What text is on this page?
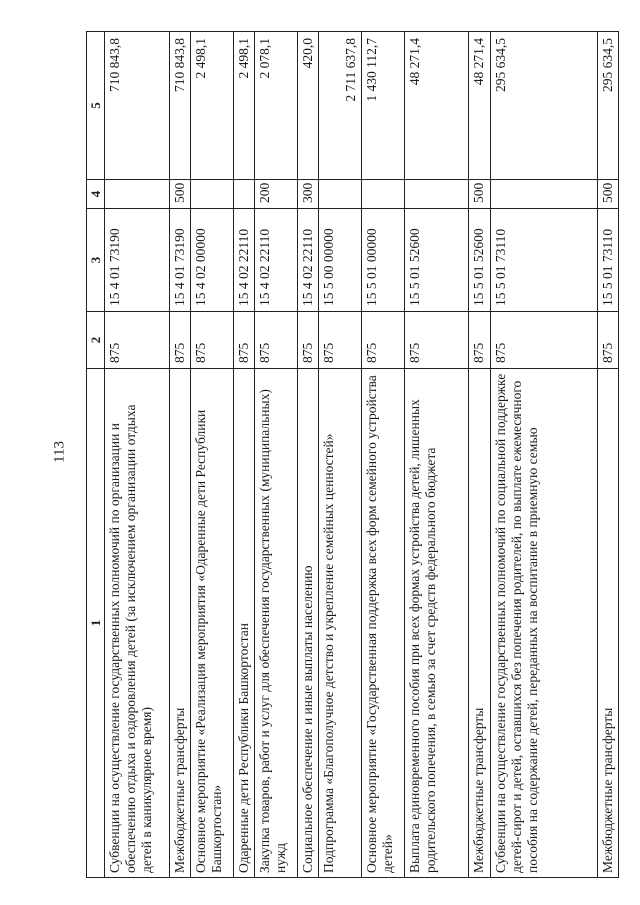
113
1	2	3	4	5
Субвенции на осуществление государственных полномочий по организации и обеспечению отдыха и оздоровления детей (за исключением организации отдыха детей в каникулярное время)	875	15 4 01 73190		710 843,8
Межбюджетные трансферты	875	15 4 01 73190	500	710 843,8
Основное мероприятие «Реализация мероприятия «Одаренные дети Республики Башкортостан»	875	15 4 02 00000		2 498,1
Одаренные дети Республики Башкортостан	875	15 4 02 22110		2 498,1
Закупка товаров, работ и услуг для обеспечения государственных (муниципальных) нужд	875	15 4 02 22110	200	2 078,1
Социальное обеспечение и иные выплаты населению	875	15 4 02 22110	300	420,0
Подпрограмма «Благополучное детство и укрепление семейных ценностей»	875	15 5 00 00000		2 711 637,8
Основное мероприятие «Государственная поддержка всех форм семейного устройства детей»	875	15 5 01 00000		1 430 112,7
Выплата единовременного пособия при всех формах устройства детей, лишенных родительского попечения, в семью за счет средств федерального бюджета	875	15 5 01 52600		48 271,4
Межбюджетные трансферты	875	15 5 01 52600	500	48 271,4
Субвенции на осуществление государственных полномочий по социальной поддержке детей-сирот и детей, оставшихся без попечения родителей, по выплате ежемесячного пособия на содержание детей, переданных на воспитание в приемную семью	875	15 5 01 73110		295 634,5
Межбюджетные трансферты	875	15 5 01 73110	500	295 634,5
